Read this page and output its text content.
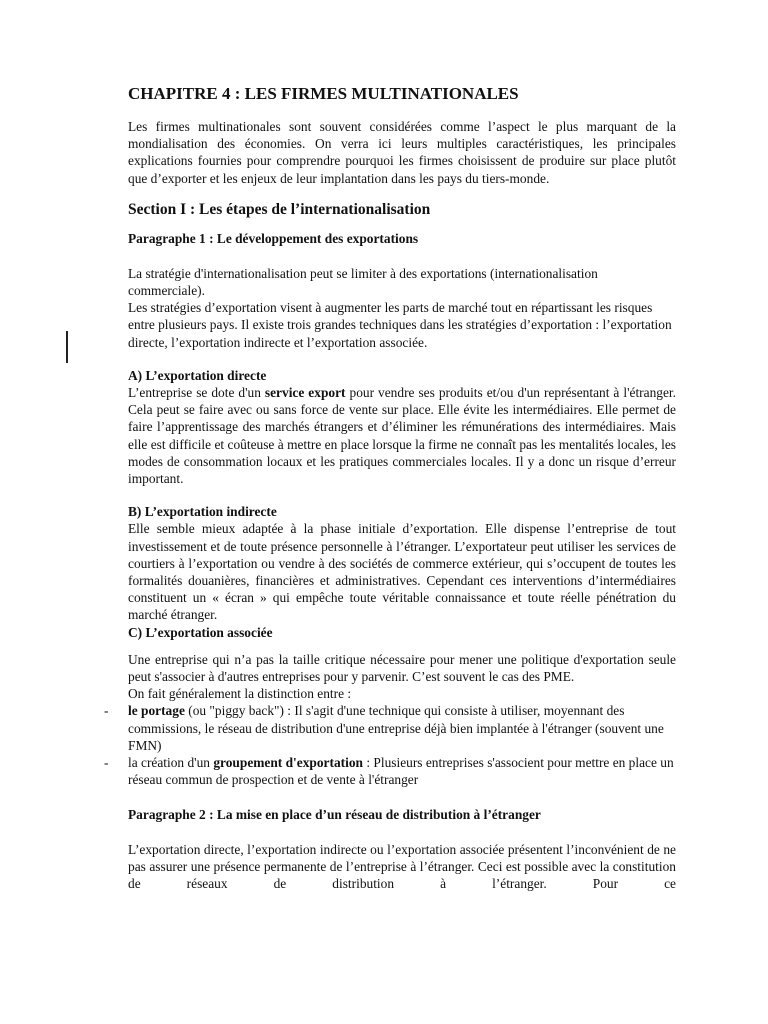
CHAPITRE 4 : LES FIRMES MULTINATIONALES

Les firmes multinationales sont souvent considérées comme l’aspect le plus marquant de la mondialisation des économies. On verra ici leurs multiples caractéristiques, les principales explications fournies pour comprendre pourquoi les firmes choisissent de produire sur place plutôt que d’exporter et les enjeux de leur implantation dans les pays du tiers-monde.

Section I : Les étapes de l’internationalisation
Paragraphe 1 : Le développement des exportations

La stratégie d'internationalisation peut se limiter à des exportations (internationalisation commerciale).

Les stratégies d’exportation visent à augmenter les parts de marché tout en répartissant les risques entre plusieurs pays. Il existe trois grandes techniques dans les stratégies d’exportation : l’exportation directe, l’exportation indirecte et l’exportation associée.

A) L’exportation directe

L’entreprise se dote d'un service export pour vendre ses produits et/ou d'un représentant à l'étranger. Cela peut se faire avec ou sans force de vente sur place. Elle évite les intermédiaires. Elle permet de faire l’apprentissage des marchés étrangers et d’éliminer les rémunérations des intermédiaires. Mais elle est difficile et coûteuse à mettre en place lorsque la firme ne connaît pas les mentalités locales, les modes de consommation locaux et les pratiques commerciales locales. Il y a donc un risque d’erreur important.

B) L’exportation indirecte

Elle semble mieux adaptée à la phase initiale d’exportation. Elle dispense l’entreprise de tout investissement et de toute présence personnelle à l’étranger. L’exportateur peut utiliser les services de courtiers à l’exportation ou vendre à des sociétés de commerce extérieur, qui s’occupent de toutes les formalités douanières, financières et administratives. Cependant ces interventions d’intermédiaires constituent un « écran » qui empêche toute véritable connaissance et toute réelle pénétration du marché étranger.

C) L’exportation associée

Une entreprise qui n’a pas la taille critique nécessaire pour mener une politique d'exportation seule peut s'associer à d'autres entreprises pour y parvenir. C’est souvent le cas des PME.

On fait généralement la distinction entre :

- le portage (ou "piggy back") : Il s'agit d'une technique qui consiste à utiliser, moyennant des commissions, le réseau de distribution d'une entreprise déjà bien implantée à l'étranger (souvent une FMN)

- la création d'un groupement d'exportation : Plusieurs entreprises s'associent pour mettre en place un réseau commun de prospection et de vente à l'étranger

Paragraphe 2 : La mise en place d’un réseau de distribution à l’étranger

L’exportation directe, l’exportation indirecte ou l’exportation associée présentent l’inconvénient de ne pas assurer une présence permanente de l’entreprise à l’étranger. Ceci est possible avec la constitution de réseaux de distribution à l’étranger. Pour ce
